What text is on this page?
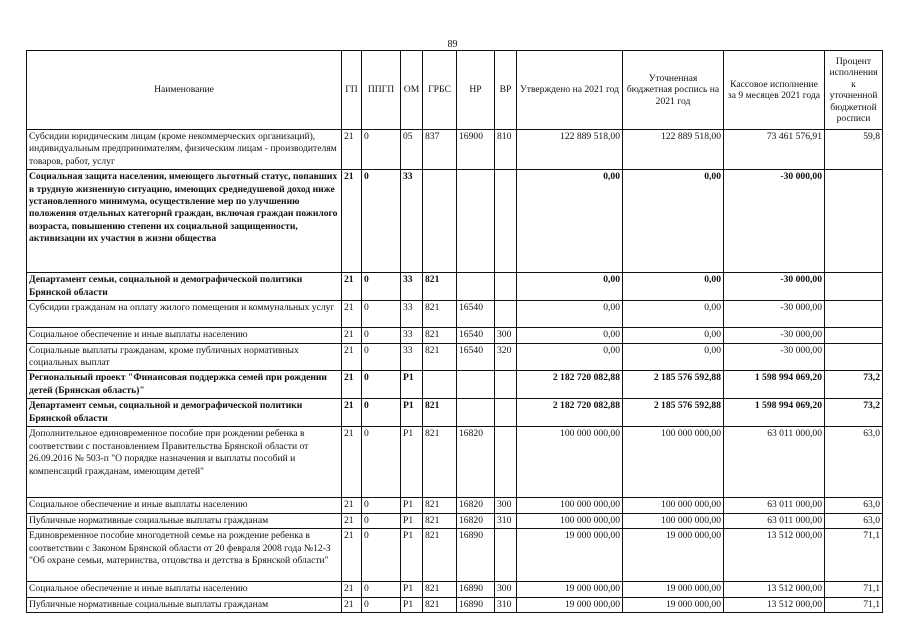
89
Наименование	ГП	ППГП	ОМ	ГРБС	НР	ВР	Утверждено на 2021 год	Уточненная бюджетная роспись на 2021 год	Кассовое исполнение за 9 месяцев 2021 года	Процент исполнения к уточненной бюджетной росписи
Субсидии юридическим лицам (кроме некоммерческих организаций), индивидуальным предпринимателям, физическим лицам - производителям товаров, работ, услуг	21	0	05	837	16900	810	122 889 518,00	122 889 518,00	73 461 576,91	59,8
Социальная защита населения, имеющего льготный статус, попавших в трудную жизненную ситуацию, имеющих среднедушевой доход ниже установленного минимума, осуществление мер по улучшению положения отдельных категорий граждан, включая граждан пожилого возраста, повышению степени их социальной защищенности, активизации их участия в жизни общества	21	0	33				0,00	0,00	-30 000,00	
Департамент семьи, социальной и демографической политики Брянской области	21	0	33	821			0,00	0,00	-30 000,00	
Субсидии гражданам на оплату жилого помещения и коммунальных услуг	21	0	33	821	16540		0,00	0,00	-30 000,00	
Социальное обеспечение и иные выплаты населению	21	0	33	821	16540	300	0,00	0,00	-30 000,00	
Социальные выплаты гражданам, кроме публичных нормативных социальных выплат	21	0	33	821	16540	320	0,00	0,00	-30 000,00	
Региональный проект "Финансовая поддержка семей при рождении детей (Брянская область)"	21	0	Р1				2 182 720 082,88	2 185 576 592,88	1 598 994 069,20	73,2
Департамент семьи, социальной и демографической политики Брянской области	21	0	Р1	821			2 182 720 082,88	2 185 576 592,88	1 598 994 069,20	73,2
Дополнительное единовременное пособие при рождении ребенка в соответствии с постановлением Правительства Брянской области от 26.09.2016 № 503-п "О порядке назначения и выплаты пособий и компенсаций гражданам, имеющим детей"	21	0	Р1	821	16820		100 000 000,00	100 000 000,00	63 011 000,00	63,0
Социальное обеспечение и иные выплаты населению	21	0	Р1	821	16820	300	100 000 000,00	100 000 000,00	63 011 000,00	63,0
Публичные нормативные социальные выплаты гражданам	21	0	Р1	821	16820	310	100 000 000,00	100 000 000,00	63 011 000,00	63,0
Единовременное пособие многодетной семье на рождение ребенка в соответствии с Законом Брянской области от 20 февраля 2008 года №12-З "Об охране семьи, материнства, отцовства и детства в Брянской области"	21	0	Р1	821	16890		19 000 000,00	19 000 000,00	13 512 000,00	71,1
Социальное обеспечение и иные выплаты населению	21	0	Р1	821	16890	300	19 000 000,00	19 000 000,00	13 512 000,00	71,1
Публичные нормативные социальные выплаты гражданам	21	0	Р1	821	16890	310	19 000 000,00	19 000 000,00	13 512 000,00	71,1
